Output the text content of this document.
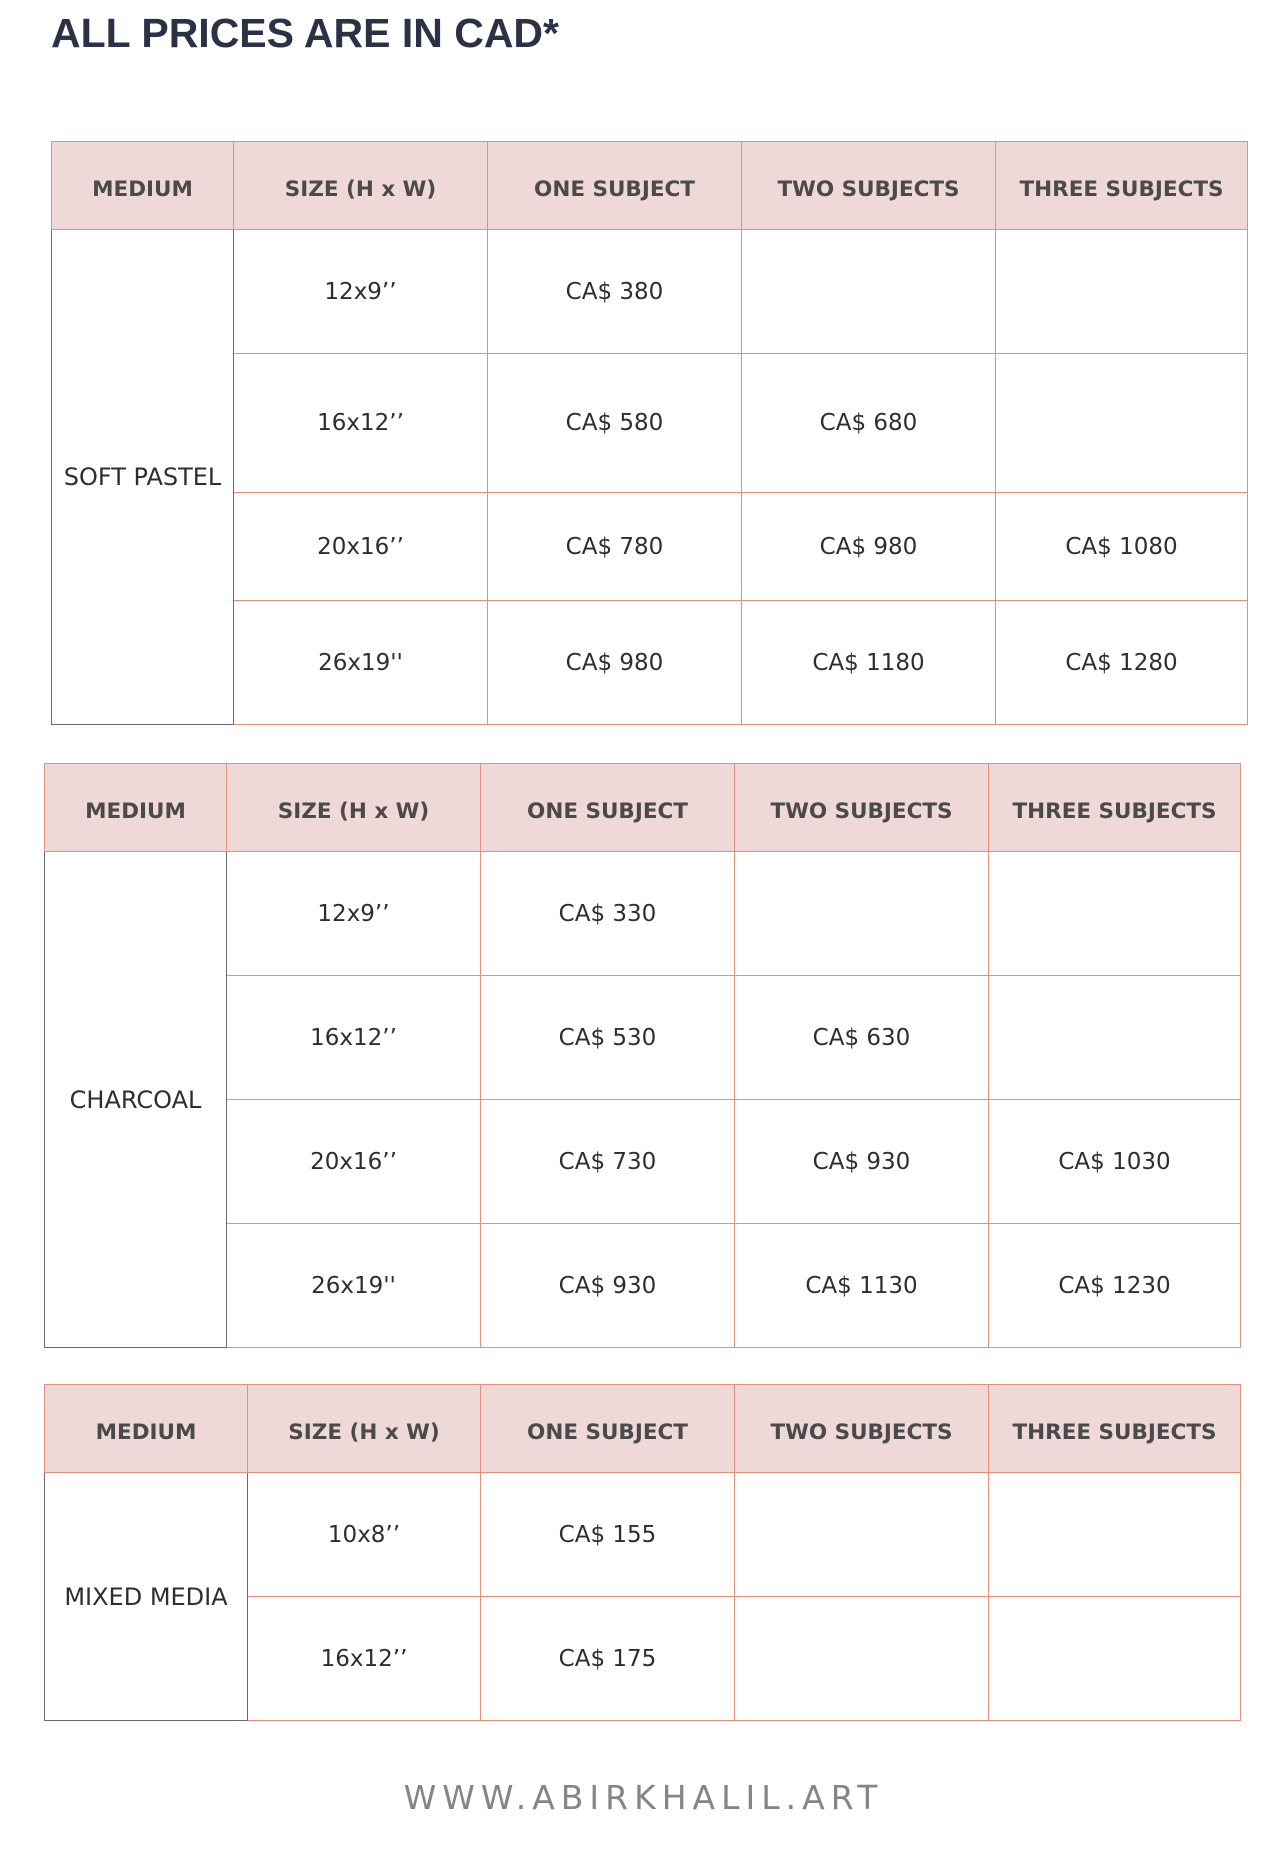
ALL PRICES ARE IN CAD*
MEDIUM	SIZE (H x W)	ONE SUBJECT	TWO SUBJECTS	THREE SUBJECTS
SOFT PASTEL	12x9’’	CA$ 380		
	16x12’’	CA$ 580	CA$ 680	
	20x16’’	CA$ 780	CA$ 980	CA$ 1080
	26x19''	CA$ 980	CA$ 1180	CA$ 1280
MEDIUM	SIZE (H x W)	ONE SUBJECT	TWO SUBJECTS	THREE SUBJECTS
CHARCOAL	12x9’’	CA$ 330		
	16x12’’	CA$ 530	CA$ 630	
	20x16’’	CA$ 730	CA$ 930	CA$ 1030
	26x19''	CA$ 930	CA$ 1130	CA$ 1230
MEDIUM	SIZE (H x W)	ONE SUBJECT	TWO SUBJECTS	THREE SUBJECTS
MIXED MEDIA	10x8’’	CA$ 155		
	16x12’’	CA$ 175		
WWW.ABIRKHALIL.ART
